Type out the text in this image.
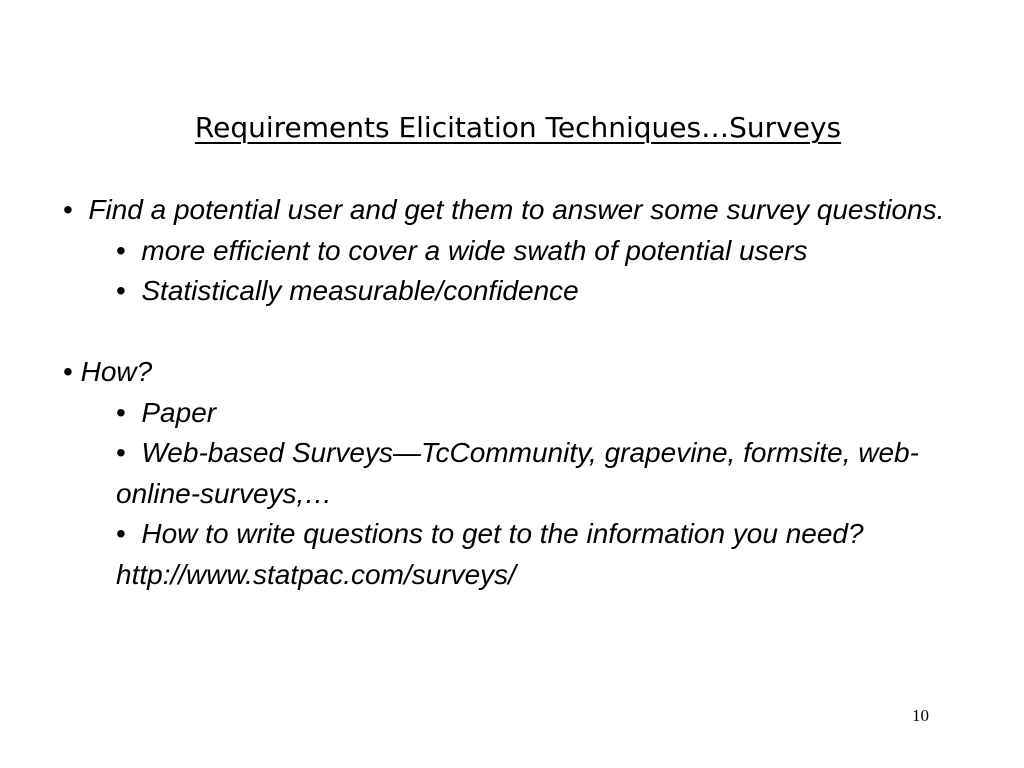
Requirements Elicitation Techniques…Surveys

• Find a potential user and get them to answer some survey questions.

• more efficient to cover a wide swath of potential users

• Statistically measurable/confidence

• How?

• Paper

• Web-based Surveys—TcCommunity, grapevine, formsite, web-online-surveys,…

• How to write questions to get to the information you need? http://www.statpac.com/surveys/

10
